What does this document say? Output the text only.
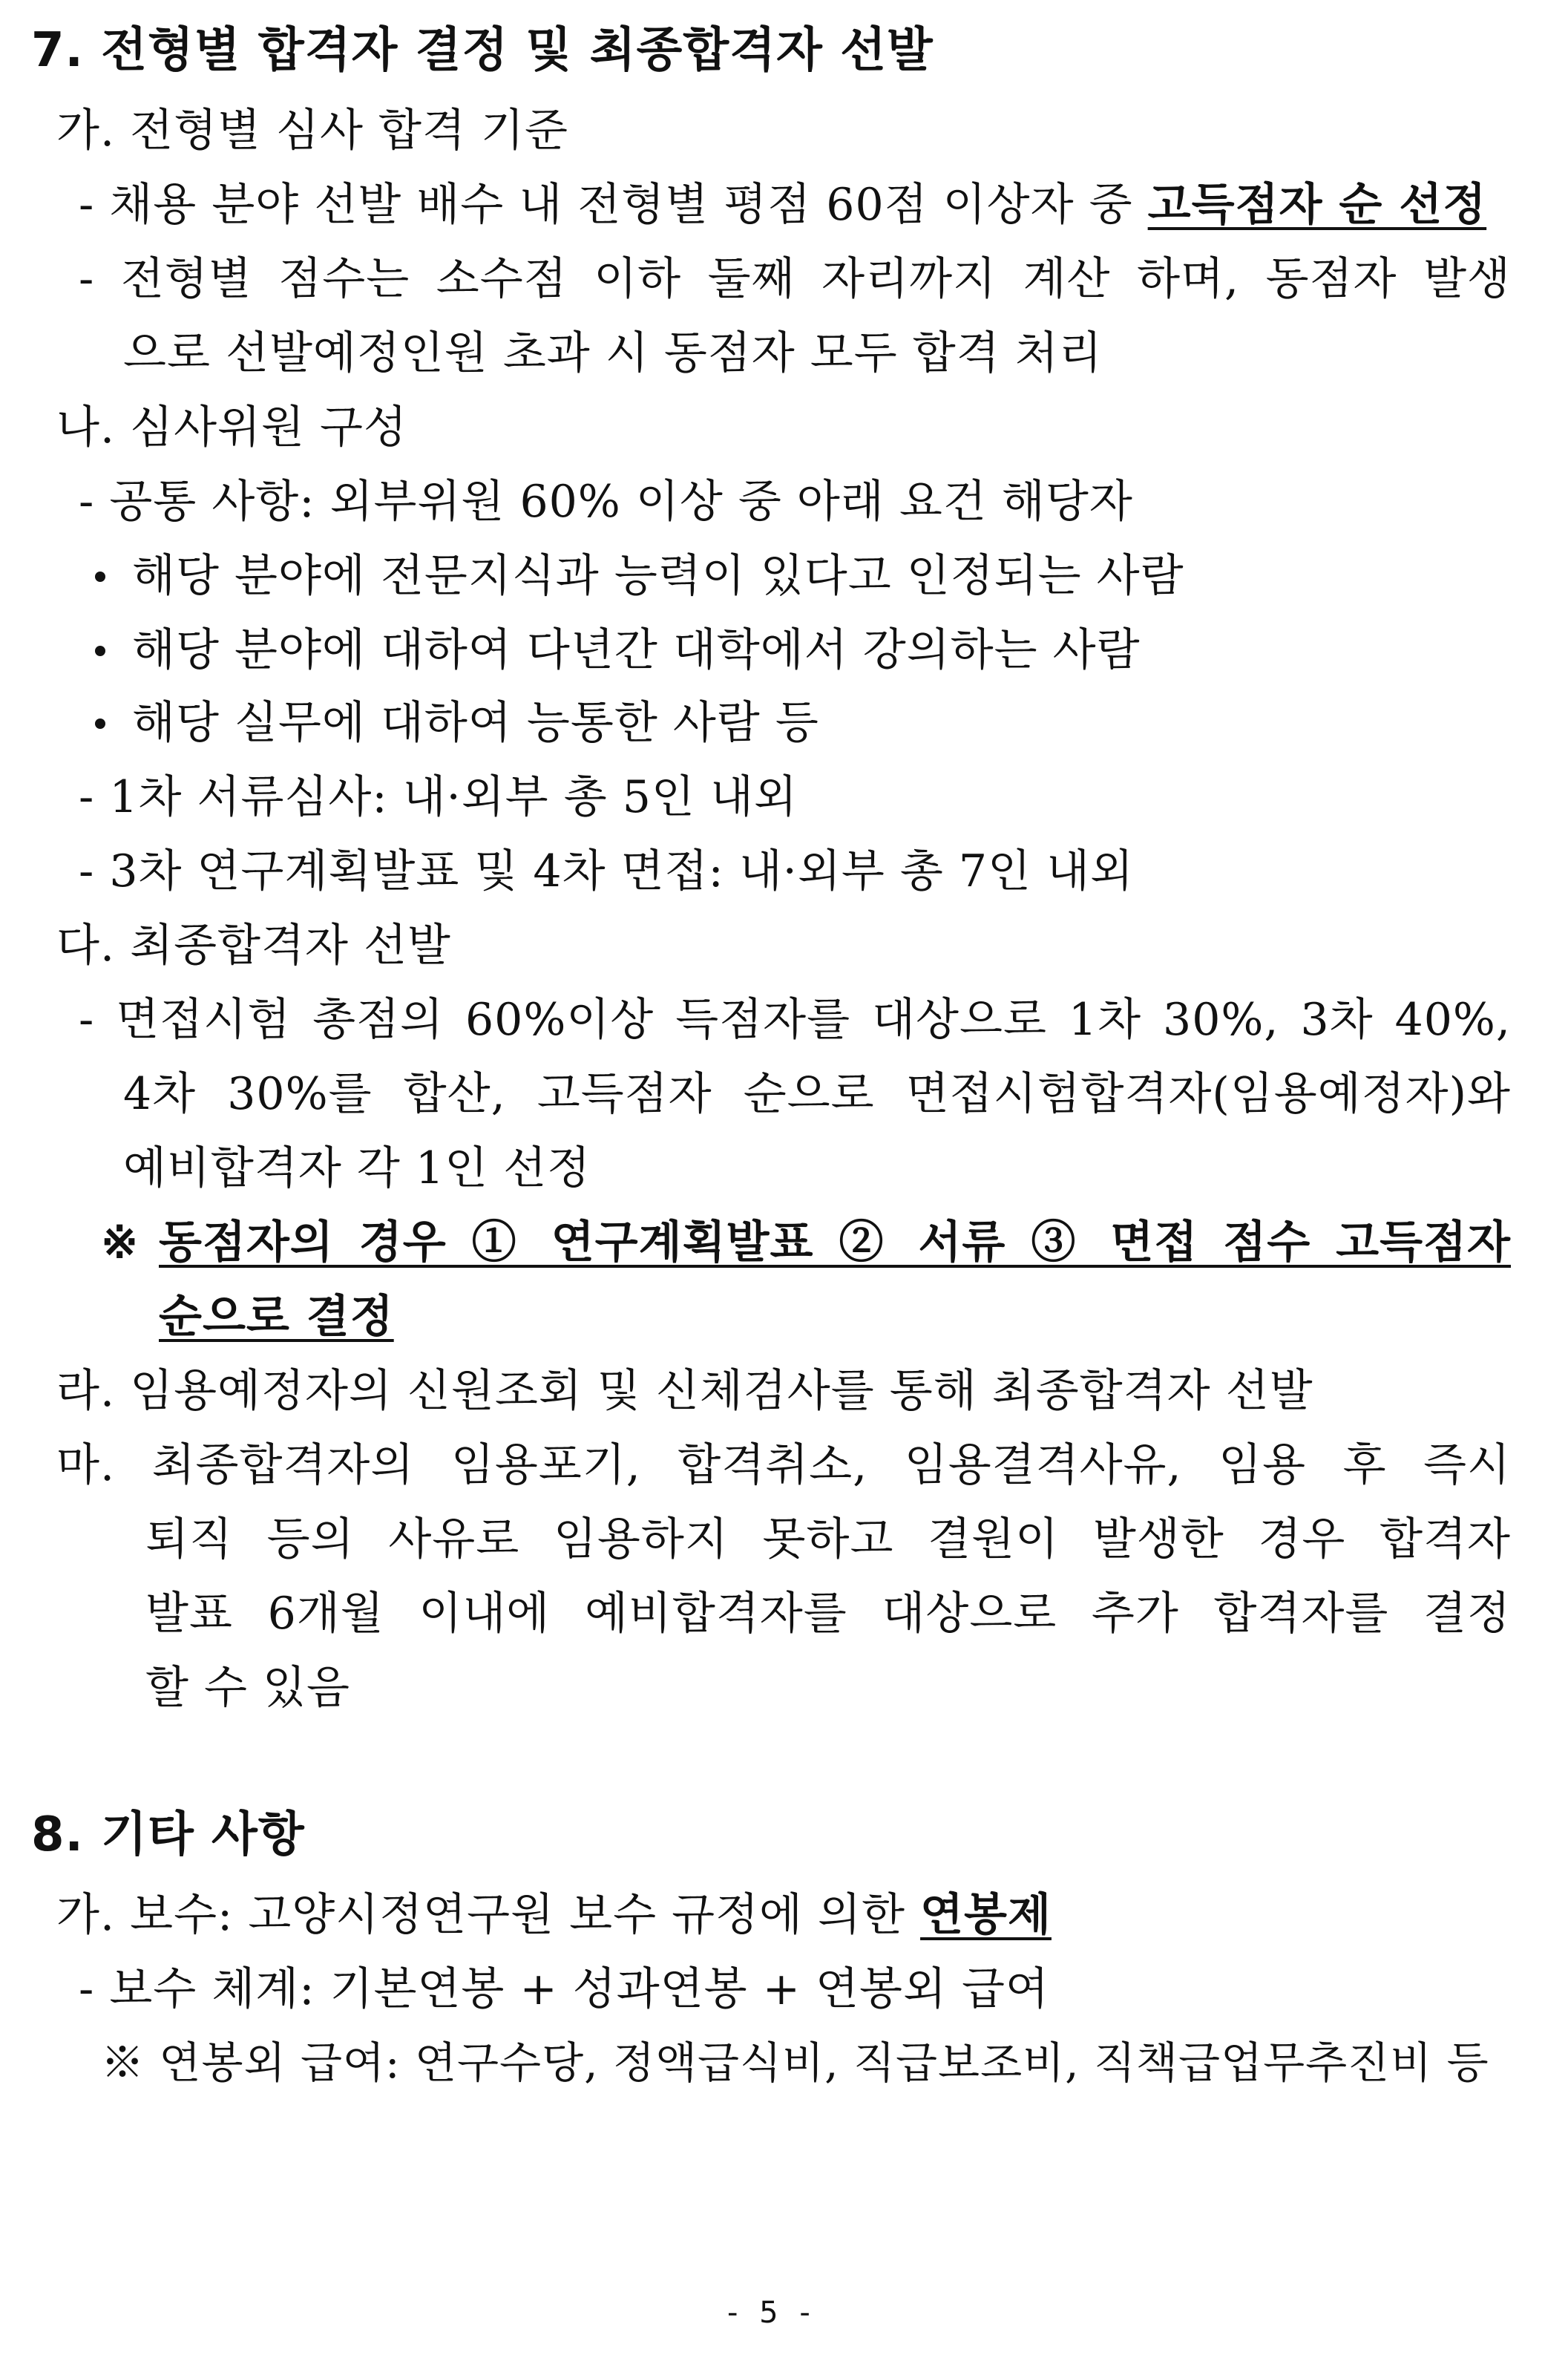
7. 전형별 합격자 결정 및 최종합격자 선발
가. 전형별 심사 합격 기준
- 채용 분야 선발 배수 내 전형별 평점 60점 이상자 중 고득점자 순 선정
- 전형별 점수는 소수점 이하 둘째 자리까지 계산 하며, 동점자 발생
으로 선발예정인원 초과 시 동점자 모두 합격 처리
나. 심사위원 구성
- 공통 사항: 외부위원 60% 이상 중 아래 요건 해당자
해당 분야에 전문지식과 능력이 있다고 인정되는 사람
해당 분야에 대하여 다년간 대학에서 강의하는 사람
해당 실무에 대하여 능통한 사람 등
- 1차 서류심사: 내·외부 총 5인 내외
- 3차 연구계획발표 및 4차 면접: 내·외부 총 7인 내외
다. 최종합격자 선발
- 면접시험 총점의 60%이상 득점자를 대상으로 1차 30%, 3차 40%,
4차 30%를 합산, 고득점자 순으로 면접시험합격자(임용예정자)와
예비합격자 각 1인 선정
※ 동점자의 경우 ① 연구계획발표 ② 서류 ③ 면접 점수 고득점자
순으로 결정
라. 임용예정자의 신원조회 및 신체검사를 통해 최종합격자 선발
마. 최종합격자의 임용포기, 합격취소, 임용결격사유, 임용 후 즉시
퇴직 등의 사유로 임용하지 못하고 결원이 발생한 경우 합격자
발표 6개월 이내에 예비합격자를 대상으로 추가 합격자를 결정
할 수 있음
8. 기타 사항
가. 보수: 고양시정연구원 보수 규정에 의한 연봉제
- 보수 체계: 기본연봉 + 성과연봉 + 연봉외 급여
※ 연봉외 급여: 연구수당, 정액급식비, 직급보조비, 직책급업무추진비 등
- 5 -
